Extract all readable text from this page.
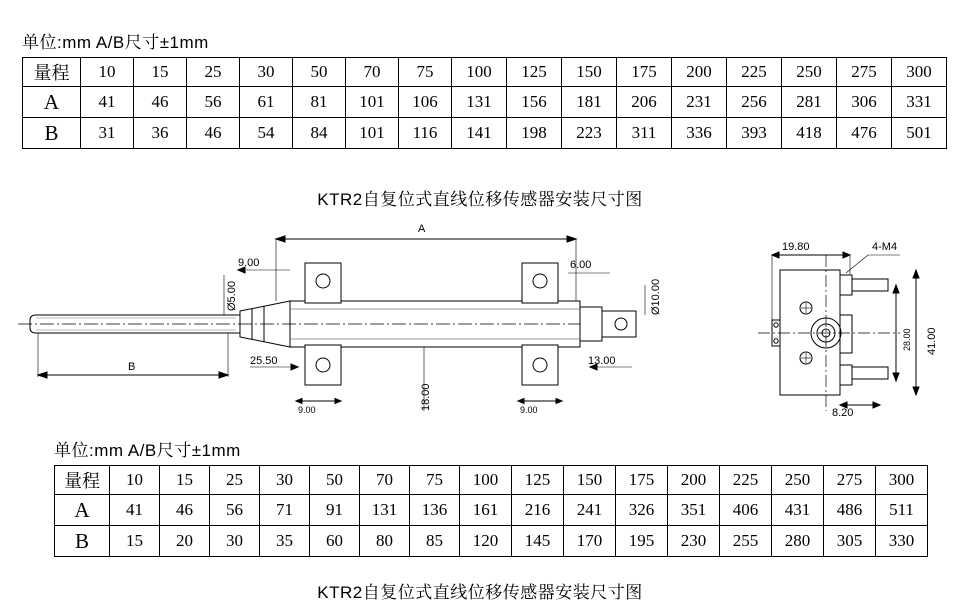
单位:mm A/B尺寸±1mm
量程	10	15	25	30	50	70	75	100	125	150	175	200	225	250	275	300
A	41	46	56	61	81	101	106	131	156	181	206	231	256	281	306	331
B	31	36	46	54	84	101	116	141	198	223	311	336	393	418	476	501
KTR2自复位式直线位移传感器安装尺寸图
A
B
Ø5.00
9.00	6.00
Ø10.00
25.50	13.00
18.00
9.00	9.00
19.80	4-M4
41.00
28.00
8.20
单位:mm A/B尺寸±1mm
量程	10	15	25	30	50	70	75	100	125	150	175	200	225	250	275	300
A	41	46	56	71	91	131	136	161	216	241	326	351	406	431	486	511
B	15	20	30	35	60	80	85	120	145	170	195	230	255	280	305	330
KTR2自复位式直线位移传感器安装尺寸图
